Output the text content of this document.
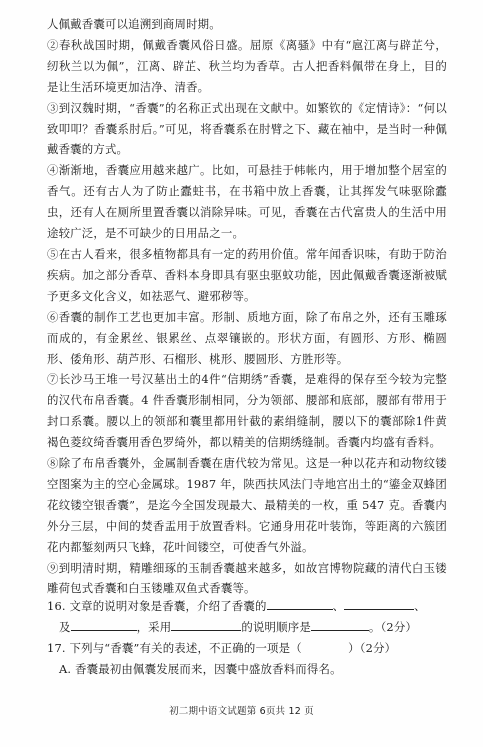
人佩戴香囊可以追溯到商周时期。

②春秋战国时期，佩戴香囊风俗日盛。屈原《离骚》中有“扈江离与辟芷兮，纫秋兰以为佩”，江离、辟芷、秋兰均为香草。古人把香料佩带在身上，目的是让生活环境更加洁净、清香。

③到汉魏时期，“香囊”的名称正式出现在文献中。如繁钦的《定情诗》：“何以致叩叩？香囊系肘后。”可见，将香囊系在肘臂之下、藏在袖中，是当时一种佩戴香囊的方式。

④渐渐地，香囊应用越来越广。比如，可悬挂于帏帐内，用于增加整个居室的香气。还有古人为了防止蠹蛀书，在书箱中放上香囊，让其挥发气味驱除蠹虫，还有人在厕所里置香囊以消除异味。可见，香囊在古代富贵人的生活中用途较广泛，是不可缺少的日用品之一。

⑤在古人看来，很多植物都具有一定的药用价值。常年闻香识味，有助于防治疾病。加之部分香草、香料本身即具有驱虫驱蚊功能，因此佩戴香囊逐渐被赋予更多文化含义，如祛恶气、避邪秽等。

⑥香囊的制作工艺也更加丰富。形制、质地方面，除了布帛之外，还有玉雕琢而成的，有金累丝、银累丝、点翠镶嵌的。形状方面，有圆形、方形、椭圆形、倭角形、葫芦形、石榴形、桃形、腰圆形、方胜形等。

⑦长沙马王堆一号汉墓出土的4件“信期绣”香囊，是难得的保存至今较为完整的汉代布帛香囊。4 件香囊形制相同，分为领部、腰部和底部，腰部有带用于封口系囊。腰以上的领部和囊里都用针截的素绢缝制，腰以下的囊部除1件黄褐色菱纹绮香囊用香色罗绮外，都以精美的信期绣缝制。香囊内均盛有香料。

⑧除了布帛香囊外，金属制香囊在唐代较为常见。这是一种以花卉和动物纹镂空图案为主的空心金属球。1987 年，陕西扶风法门寺地宫出土的“鎏金双蜂团花纹镂空银香囊”，是迄今全国发现最大、最精美的一枚，重 547 克。香囊内外分三层，中间的焚香盂用于放置香料。它通身用花叶装饰，等距离的六簇团花内都錾刻两只飞蜂，花叶间镂空，可使香气外溢。

⑨到明清时期，精雕细琢的玉制香囊越来越多，如故宫博物院藏的清代白玉镂雕荷包式香囊和白玉镂雕双鱼式香囊等。

16. 文章的说明对象是香囊，介绍了香囊的	、	、

及	，采用	的说明顺序是	。（2分）

17. 下列与“香囊”有关的表述，不正确的一项是（　　　　）（2分）

A. 香囊最初由佩囊发展而来，因囊中盛放香料而得名。

初二期中语文试题第 6页共 12 页
